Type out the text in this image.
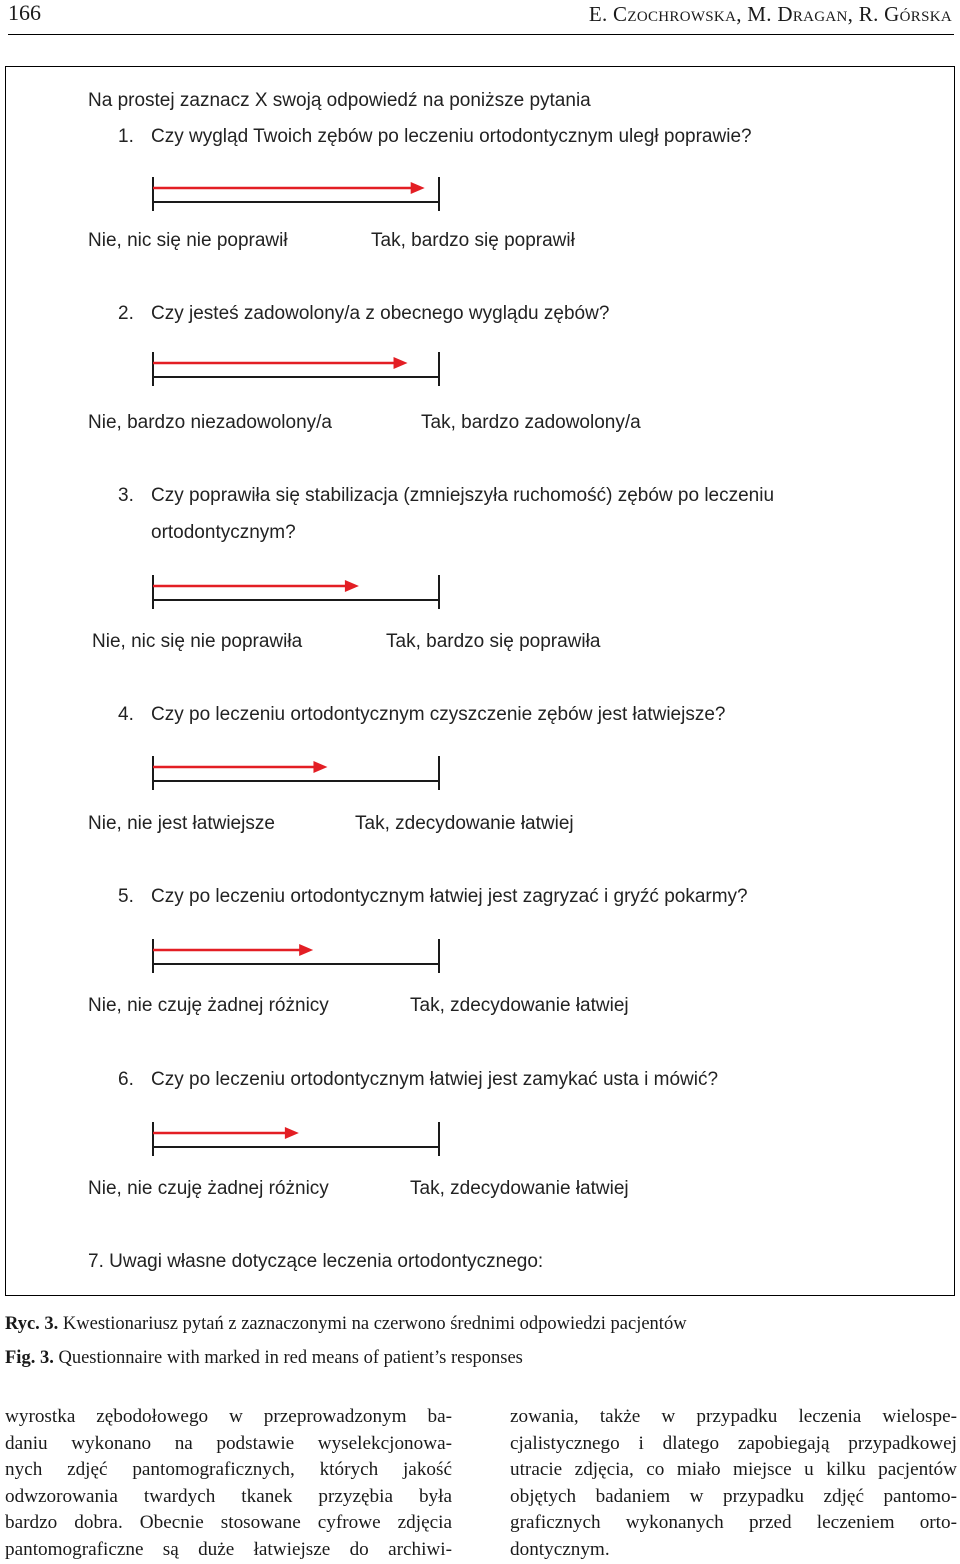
166	E. Czochrowska, M. Dragan, R. Górska
Na prostej zaznacz X swoją odpowiedź na poniższe pytania
1. Czy wygląd Twoich zębów po leczeniu ortodontycznym uległ poprawie?
Nie, nic się nie poprawił	Tak, bardzo się poprawił
2. Czy jesteś zadowolony/a z obecnego wyglądu zębów?
Nie, bardzo niezadowolony/a	Tak, bardzo zadowolony/a
3. Czy poprawiła się stabilizacja (zmniejszyła ruchomość) zębów po leczeniu
ortodontycznym?
Nie, nic się nie poprawiła	Tak, bardzo się poprawiła
4. Czy po leczeniu ortodontycznym czyszczenie zębów jest łatwiejsze?
Nie, nie jest łatwiejsze	Tak, zdecydowanie łatwiej
5. Czy po leczeniu ortodontycznym łatwiej jest zagryzać i gryźć pokarmy?
Nie, nie czuję żadnej różnicy	Tak, zdecydowanie łatwiej
6. Czy po leczeniu ortodontycznym łatwiej jest zamykać usta i mówić?
Nie, nie czuję żadnej różnicy	Tak, zdecydowanie łatwiej
7. Uwagi własne dotyczące leczenia ortodontycznego:
Ryc. 3. Kwestionariusz pytań z zaznaczonymi na czerwono średnimi odpowiedzi pacjentów
Fig. 3. Questionnaire with marked in red means of patient’s responses
wyrostka zębodołowego w przeprowadzonym ba-
daniu wykonano na podstawie wyselekcjonowa-
nych zdjęć pantomograficznych, których jakość
odwzorowania twardych tkanek przyzębia była
bardzo dobra. Obecnie stosowane cyfrowe zdjęcia
pantomograficzne są duże łatwiejsze do archiwi-
zowania, także w przypadku leczenia wielospe-
cjalistycznego i dlatego zapobiegają przypadkowej
utracie zdjęcia, co miało miejsce u kilku pacjentów
objętych badaniem w przypadku zdjęć pantomo-
graficznych wykonanych przed leczeniem orto-
dontycznym.
